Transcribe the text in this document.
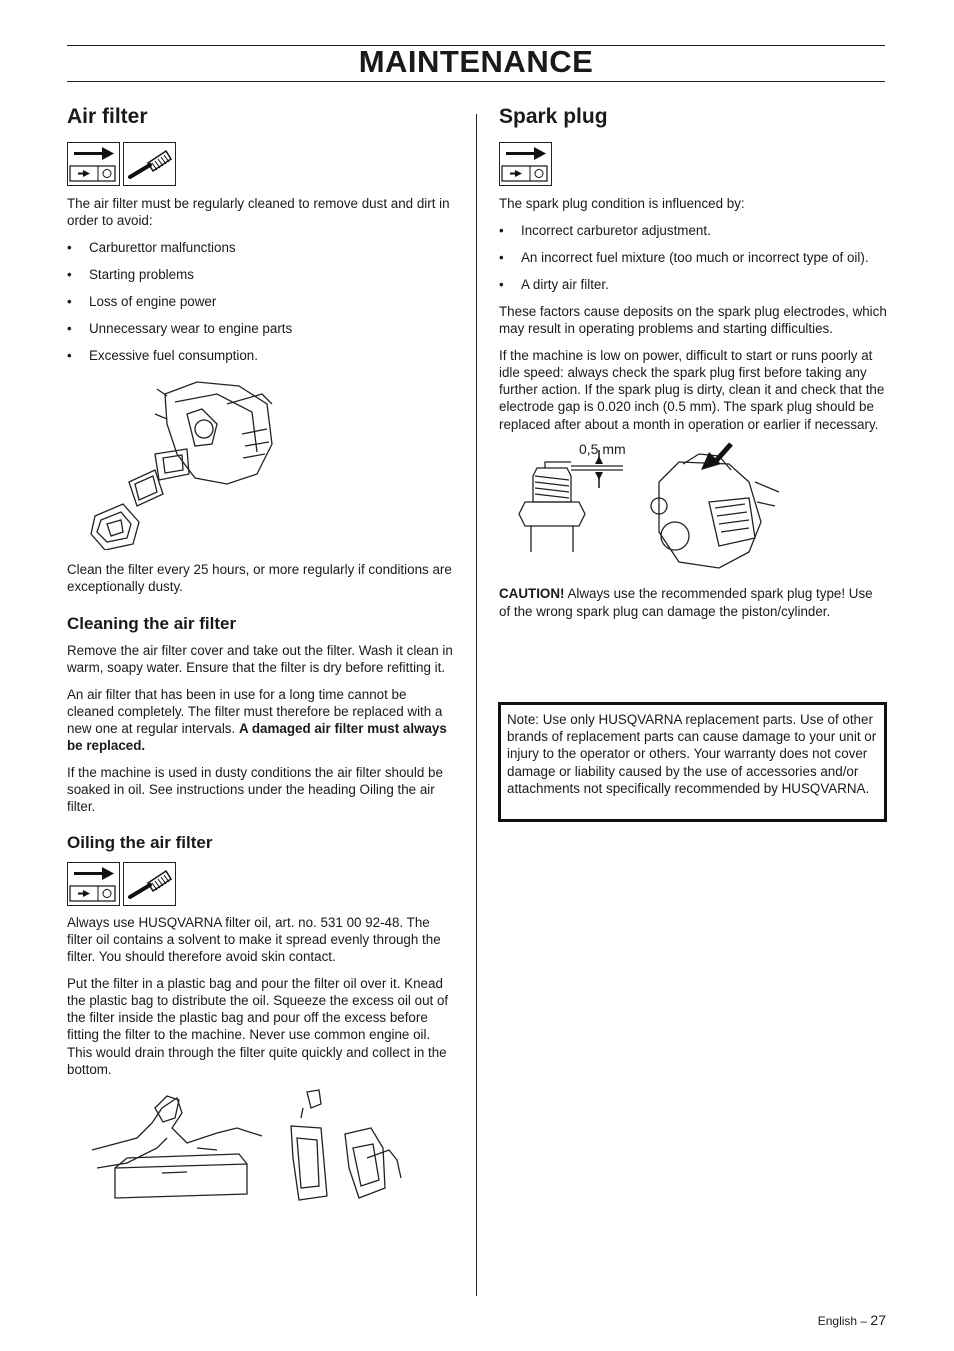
MAINTENANCE
Air filter

The air filter must be regularly cleaned to remove dust and dirt in order to avoid:

• Carburettor malfunctions
• Starting problems
• Loss of engine power
• Unnecessary wear to engine parts
• Excessive fuel consumption.

Clean the filter every 25 hours, or more regularly if conditions are exceptionally dusty.

Cleaning the air filter

Remove the air filter cover and take out the filter. Wash it clean in warm, soapy water. Ensure that the filter is dry before refitting it.

An air filter that has been in use for a long time cannot be cleaned completely. The filter must therefore be replaced with a new one at regular intervals. A damaged air filter must always be replaced.

If the machine is used in dusty conditions the air filter should be soaked in oil. See instructions under the heading Oiling the air filter.

Oiling the air filter

Always use HUSQVARNA filter oil, art. no. 531 00 92-48. The filter oil contains a solvent to make it spread evenly through the filter. You should therefore avoid skin contact.

Put the filter in a plastic bag and pour the filter oil over it. Knead the plastic bag to distribute the oil. Squeeze the excess oil out of the filter inside the plastic bag and pour off the excess before fitting the filter to the machine. Never use common engine oil. This would drain through the filter quite quickly and collect in the bottom.

Spark plug

The spark plug condition is influenced by:

• Incorrect carburetor adjustment.
• An incorrect fuel mixture (too much or incorrect type of oil).
• A dirty air filter.

These factors cause deposits on the spark plug electrodes, which may result in operating problems and starting difficulties.

If the machine is low on power, difficult to start or runs poorly at idle speed: always check the spark plug first before taking any further action. If the spark plug is dirty, clean it and check that the electrode gap is 0.020 inch (0.5 mm). The spark plug should be replaced after about a month in operation or earlier if necessary.

0,5 mm

CAUTION! Always use the recommended spark plug type! Use of the wrong spark plug can damage the piston/cylinder.

Note: Use only HUSQVARNA replacement parts. Use of other brands of replacement parts can cause damage to your unit or injury to the operator or others. Your warranty does not cover damage or liability caused by the use of accessories and/or attachments not specifically recommended by HUSQVARNA.
English – 27
